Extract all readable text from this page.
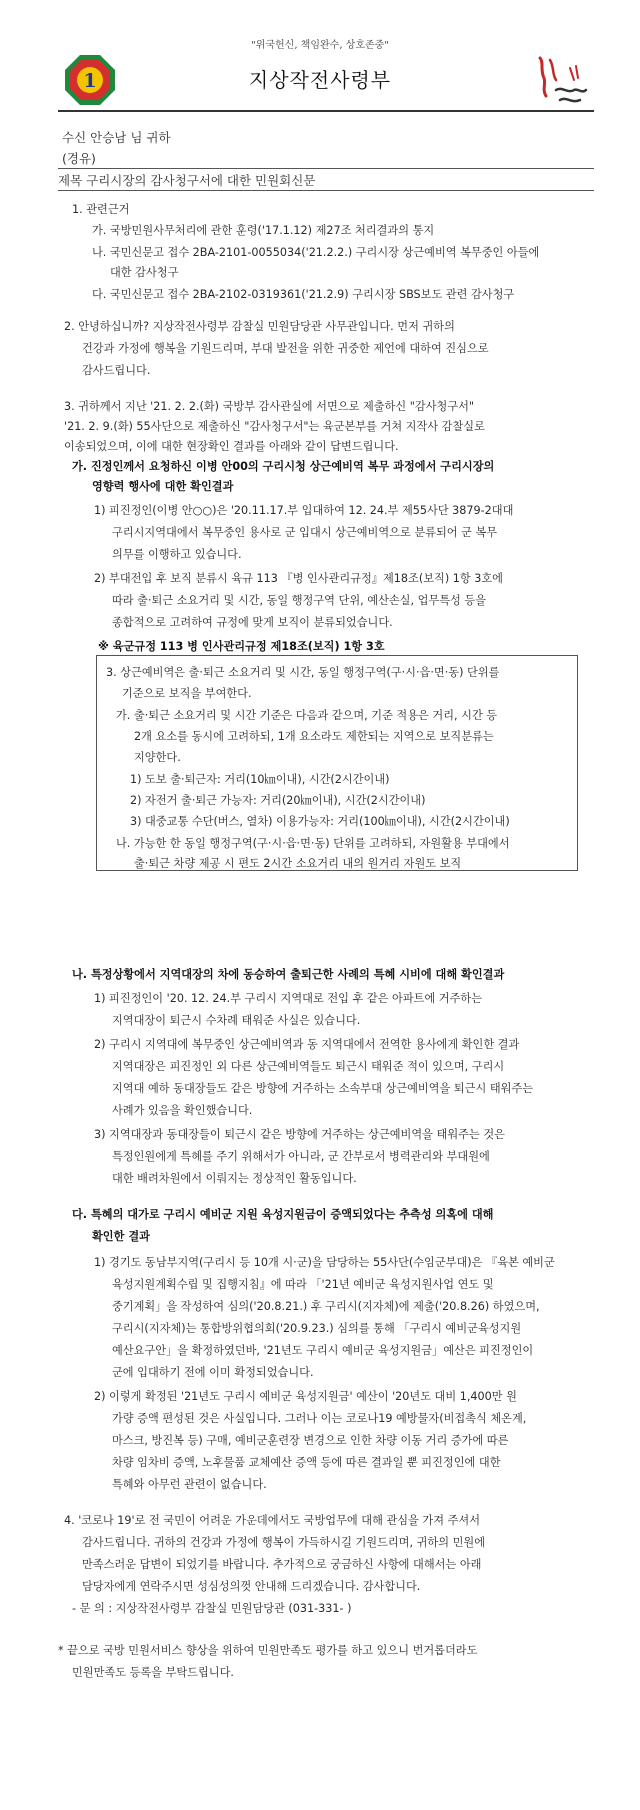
"위국헌신, 책임완수, 상호존중"
1	지상작전사령부
수신 안승남 님 귀하
(경유)
제목 구리시장의 감사청구서에 대한 민원회신문
1. 관련근거
가. 국방민원사무처리에 관한 훈령('17.1.12) 제27조 처리결과의 통지
나. 국민신문고 접수 2BA-2101-0055034('21.2.2.) 구리시장 상근예비역 복무중인 아들에
대한 감사청구
다. 국민신문고 접수 2BA-2102-0319361('21.2.9) 구리시장 SBS보도 관련 감사청구
2. 안녕하십니까? 지상작전사령부 감찰실 민원담당관 사무관입니다. 먼저 귀하의
건강과 가정에 행복을 기원드리며, 부대 발전을 위한 귀중한 제언에 대하여 진심으로
감사드립니다.
3. 귀하께서 지난 '21. 2. 2.(화) 국방부 감사관실에 서면으로 제출하신 "감사청구서"
'21. 2. 9.(화) 55사단으로 제출하신 "감사청구서"는 육군본부를 거쳐 지작사 감찰실로
이송되었으며, 이에 대한 현장확인 결과를 아래와 같이 답변드립니다.
가. 진정인께서 요청하신 이병 안00의 구리시청 상근예비역 복무 과정에서 구리시장의
영향력 행사에 대한 확인결과
1) 피진정인(이병 안○○)은 '20.11.17.부 입대하여 12. 24.부 제55사단 3879-2대대
구리시지역대에서 복무중인 용사로 군 입대시 상근예비역으로 분류되어 군 복무
의무를 이행하고 있습니다.
2) 부대전입 후 보직 분류시 육규 113 『병 인사관리규정』제18조(보직) 1항 3호에
따라 출·퇴근 소요거리 및 시간, 동일 행정구역 단위, 예산손실, 업무특성 등을
종합적으로 고려하여 규정에 맞게 보직이 분류되었습니다.
※ 육군규정 113 병 인사관리규정 제18조(보직) 1항 3호
3. 상근예비역은 출·퇴근 소요거리 및 시간, 동일 행정구역(구·시·읍·면·동) 단위를
기준으로 보직을 부여한다.
가. 출·퇴근 소요거리 및 시간 기준은 다음과 같으며, 기준 적용은 거리, 시간 등
2개 요소를 동시에 고려하되, 1개 요소라도 제한되는 지역으로 보직분류는
지양한다.
1) 도보 출·퇴근자: 거리(10㎞이내), 시간(2시간이내)
2) 자전거 출·퇴근 가능자: 거리(20㎞이내), 시간(2시간이내)
3) 대중교통 수단(버스, 열차) 이용가능자: 거리(100㎞이내), 시간(2시간이내)
나. 가능한 한 동일 행정구역(구·시·읍·면·동) 단위를 고려하되, 자원활용 부대에서
출·퇴근 차량 제공 시 편도 2시간 소요거리 내의 원거리 자원도 보직
나. 특정상황에서 지역대장의 차에 동승하여 출퇴근한 사례의 특혜 시비에 대해 확인결과
1) 피진정인이 '20. 12. 24.부 구리시 지역대로 전입 후 같은 아파트에 거주하는
지역대장이 퇴근시 수차례 태워준 사실은 있습니다.
2) 구리시 지역대에 복무중인 상근예비역과 동 지역대에서 전역한 용사에게 확인한 결과
지역대장은 피진정인 외 다른 상근예비역들도 퇴근시 태워준 적이 있으며, 구리시
지역대 예하 동대장들도 같은 방향에 거주하는 소속부대 상근예비역을 퇴근시 태워주는
사례가 있음을 확인했습니다.
3) 지역대장과 동대장들이 퇴근시 같은 방향에 거주하는 상근예비역을 태워주는 것은
특정인원에게 특혜를 주기 위해서가 아니라, 군 간부로서 병력관리와 부대원에
대한 배려차원에서 이뤄지는 정상적인 활동입니다.
다. 특혜의 대가로 구리시 예비군 지원 육성지원금이 증액되었다는 추측성 의혹에 대해
확인한 결과
1) 경기도 동남부지역(구리시 등 10개 시·군)을 담당하는 55사단(수임군부대)은 『육본 예비군
육성지원계획수립 및 집행지침』에 따라 「'21년 예비군 육성지원사업 연도 및
중기계획」을 작성하여 심의('20.8.21.) 후 구리시(지자체)에 제출('20.8.26) 하였으며,
구리시(지자체)는 통합방위협의회('20.9.23.) 심의를 통해 「구리시 예비군육성지원
예산요구안」을 확정하였던바, '21년도 구리시 예비군 육성지원금」예산은 피진정인이
군에 입대하기 전에 이미 확정되었습니다.
2) 이렇게 확정된 '21년도 구리시 예비군 육성지원금' 예산이 '20년도 대비 1,400만 원
가량 증액 편성된 것은 사실입니다. 그러나 이는 코로나19 예방물자(비접촉식 체온계,
마스크, 방진복 등) 구매, 예비군훈련장 변경으로 인한 차량 이동 거리 증가에 따른
차량 임차비 증액, 노후물품 교체예산 증액 등에 따른 결과일 뿐 피진정인에 대한
특혜와 아무런 관련이 없습니다.
4. '코로나 19'로 전 국민이 어려운 가운데에서도 국방업무에 대해 관심을 가져 주셔서
감사드립니다. 귀하의 건강과 가정에 행복이 가득하시길 기원드리며, 귀하의 민원에
만족스러운 답변이 되었기를 바랍니다. 추가적으로 궁금하신 사항에 대해서는 아래
담당자에게 연락주시면 성심성의껏 안내해 드리겠습니다. 감사합니다.
- 문 의 : 지상작전사령부 감찰실 민원담당관 (031-331- )
* 끝으로 국방 민원서비스 향상을 위하여 민원만족도 평가를 하고 있으니 번거롭더라도
민원만족도 등록을 부탁드립니다.
